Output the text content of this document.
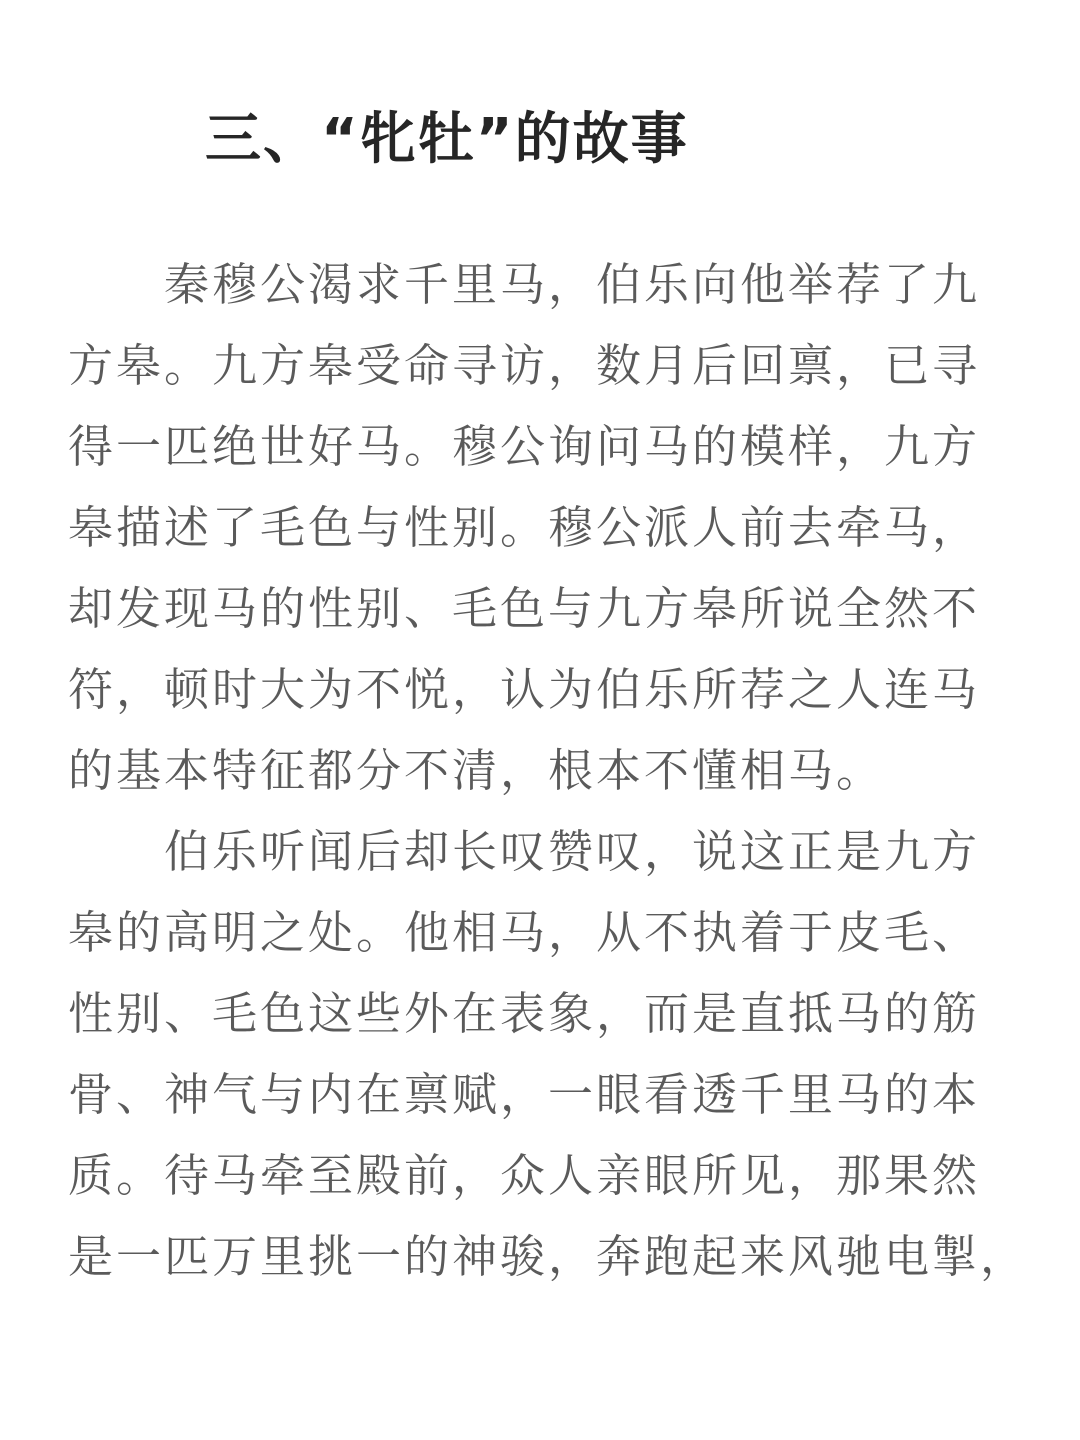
三、“牝牡”的故事

秦穆公渴求千里马，伯乐向他举荐了九

方皋。九方皋受命寻访，数月后回禀，已寻

得一匹绝世好马。穆公询问马的模样，九方

皋描述了毛色与性别。穆公派人前去牵马，

却发现马的性别、毛色与九方皋所说全然不

符，顿时大为不悦，认为伯乐所荐之人连马

的基本特征都分不清，根本不懂相马。

伯乐听闻后却长叹赞叹，说这正是九方

皋的高明之处。他相马，从不执着于皮毛、

性别、毛色这些外在表象，而是直抵马的筋

骨、神气与内在禀赋，一眼看透千里马的本

质。待马牵至殿前，众人亲眼所见，那果然

是一匹万里挑一的神骏，奔跑起来风驰电掣，
